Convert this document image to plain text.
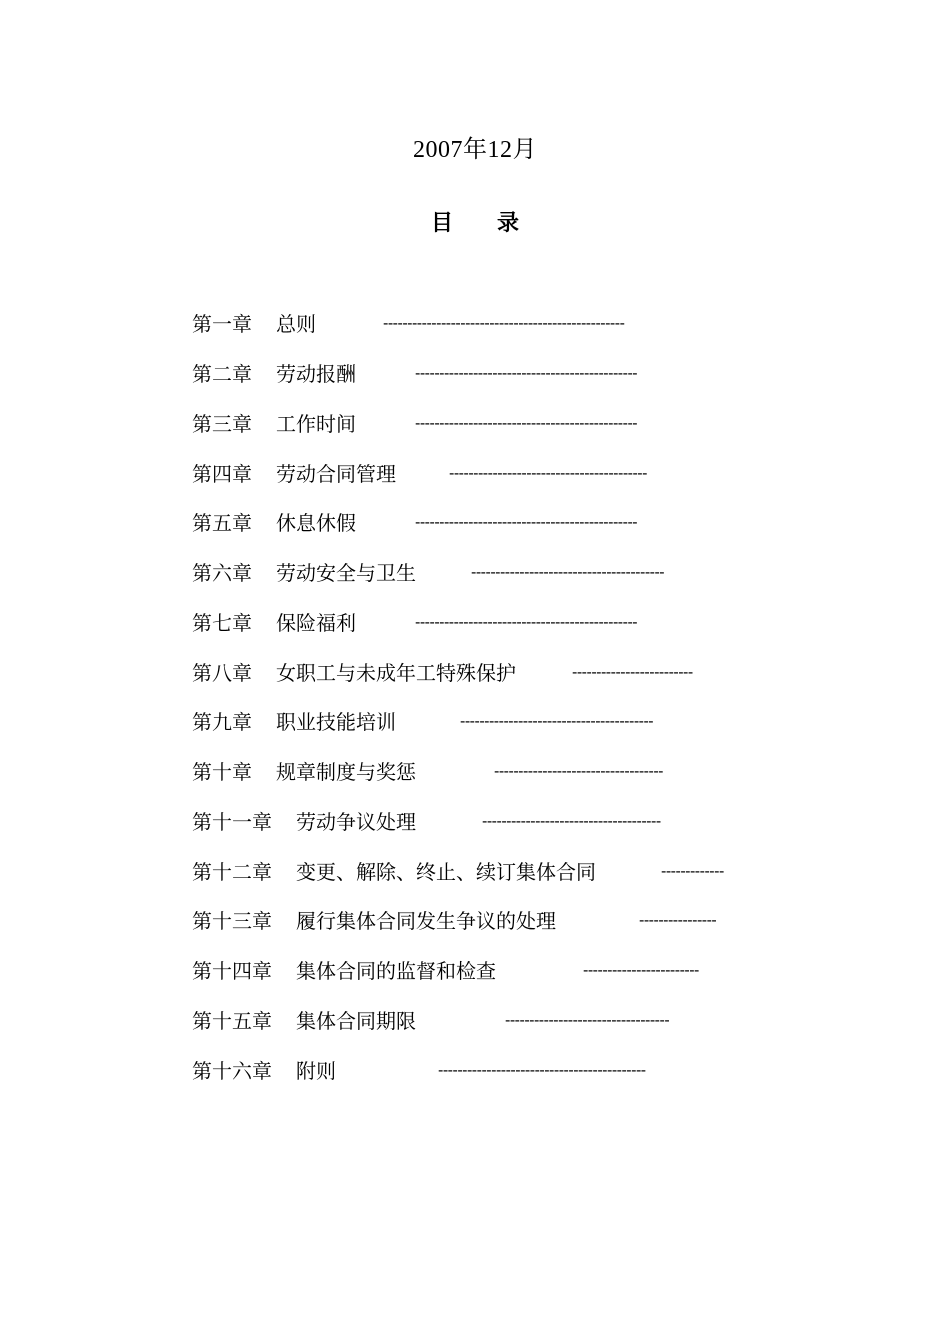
2007年12月
目 录
第一章 总则	--------------------------------------------------
第二章 劳动报酬	----------------------------------------------
第三章 工作时间	----------------------------------------------
第四章 劳动合同管理	-----------------------------------------
第五章 休息休假	----------------------------------------------
第六章 劳动安全与卫生	----------------------------------------
第七章 保险福利	----------------------------------------------
第八章 女职工与未成年工特殊保护	-------------------------
第九章 职业技能培训	----------------------------------------
第十章 规章制度与奖惩	-----------------------------------
第十一章 劳动争议处理	-------------------------------------
第十二章 变更、解除、终止、续订集体合同	-------------
第十三章 履行集体合同发生争议的处理	----------------
第十四章 集体合同的监督和检查	------------------------
第十五章 集体合同期限	----------------------------------
第十六章 附则	-------------------------------------------
